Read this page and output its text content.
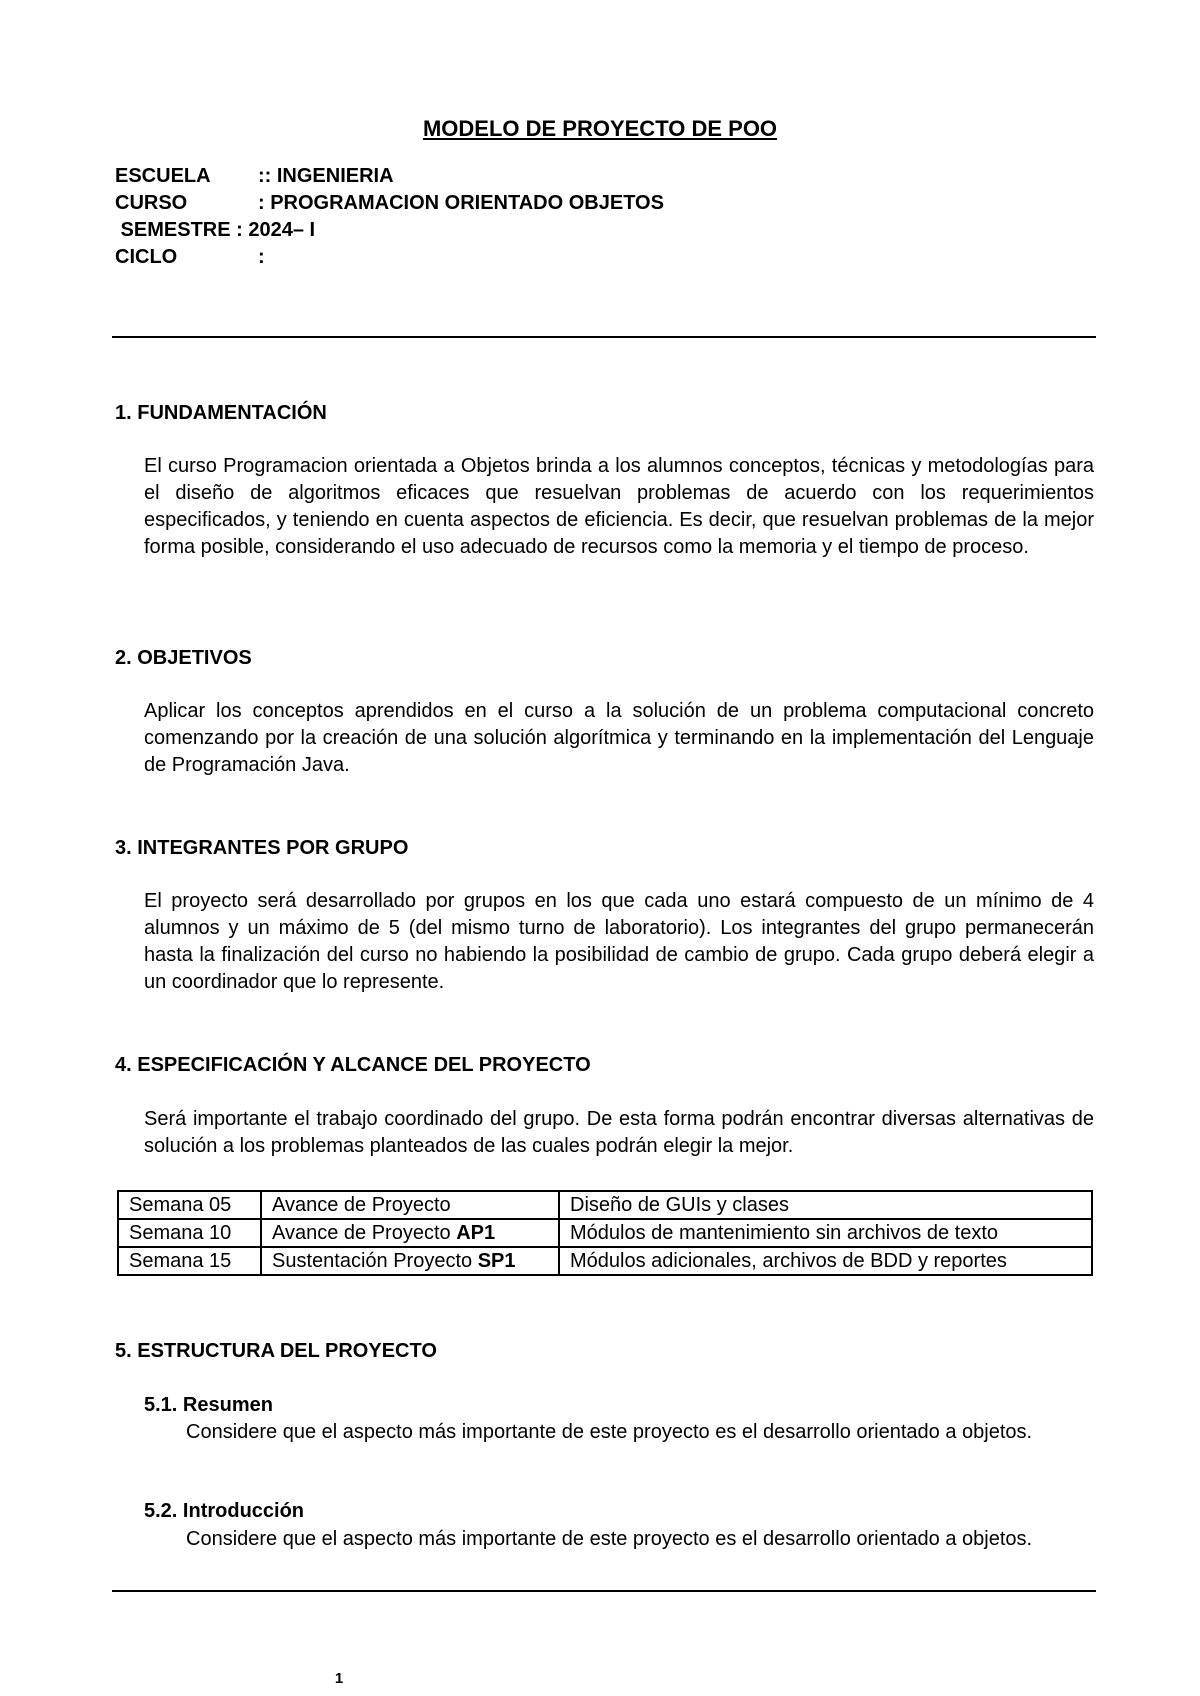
MODELO DE PROYECTO DE POO
ESCUELA :: INGENIERIA
CURSO	: PROGRAMACION ORIENTADO OBJETOS
SEMESTRE : 2024– I
CICLO	:
1. FUNDAMENTACIÓN
El curso Programacion orientada a Objetos brinda a los alumnos conceptos, técnicas y metodologías para el diseño de algoritmos eficaces que resuelvan problemas de acuerdo con los requerimientos especificados, y teniendo en cuenta aspectos de eficiencia. Es decir, que resuelvan problemas de la mejor forma posible, considerando el uso adecuado de recursos como la memoria y el tiempo de proceso.
2. OBJETIVOS
Aplicar los conceptos aprendidos en el curso a la solución de un problema computacional concreto comenzando por la creación de una solución algorítmica y terminando en la implementación del Lenguaje de Programación Java.
3. INTEGRANTES POR GRUPO
El proyecto será desarrollado por grupos en los que cada uno estará compuesto de un mínimo de 4 alumnos y un máximo de 5 (del mismo turno de laboratorio). Los integrantes del grupo permanecerán hasta la finalización del curso no habiendo la posibilidad de cambio de grupo. Cada grupo deberá elegir a un coordinador que lo represente.
4. ESPECIFICACIÓN Y ALCANCE DEL PROYECTO
Será importante el trabajo coordinado del grupo. De esta forma podrán encontrar diversas alternativas de solución a los problemas planteados de las cuales podrán elegir la mejor.
Semana 05	Avance de Proyecto	Diseño de GUIs y clases
Semana 10	Avance de Proyecto AP1	Módulos de mantenimiento sin archivos de texto
Semana 15	Sustentación Proyecto SP1	Módulos adicionales, archivos de BDD y reportes
5. ESTRUCTURA DEL PROYECTO
5.1. Resumen
Considere que el aspecto más importante de este proyecto es el desarrollo orientado a objetos.
5.2. Introducción
Considere que el aspecto más importante de este proyecto es el desarrollo orientado a objetos.
1
